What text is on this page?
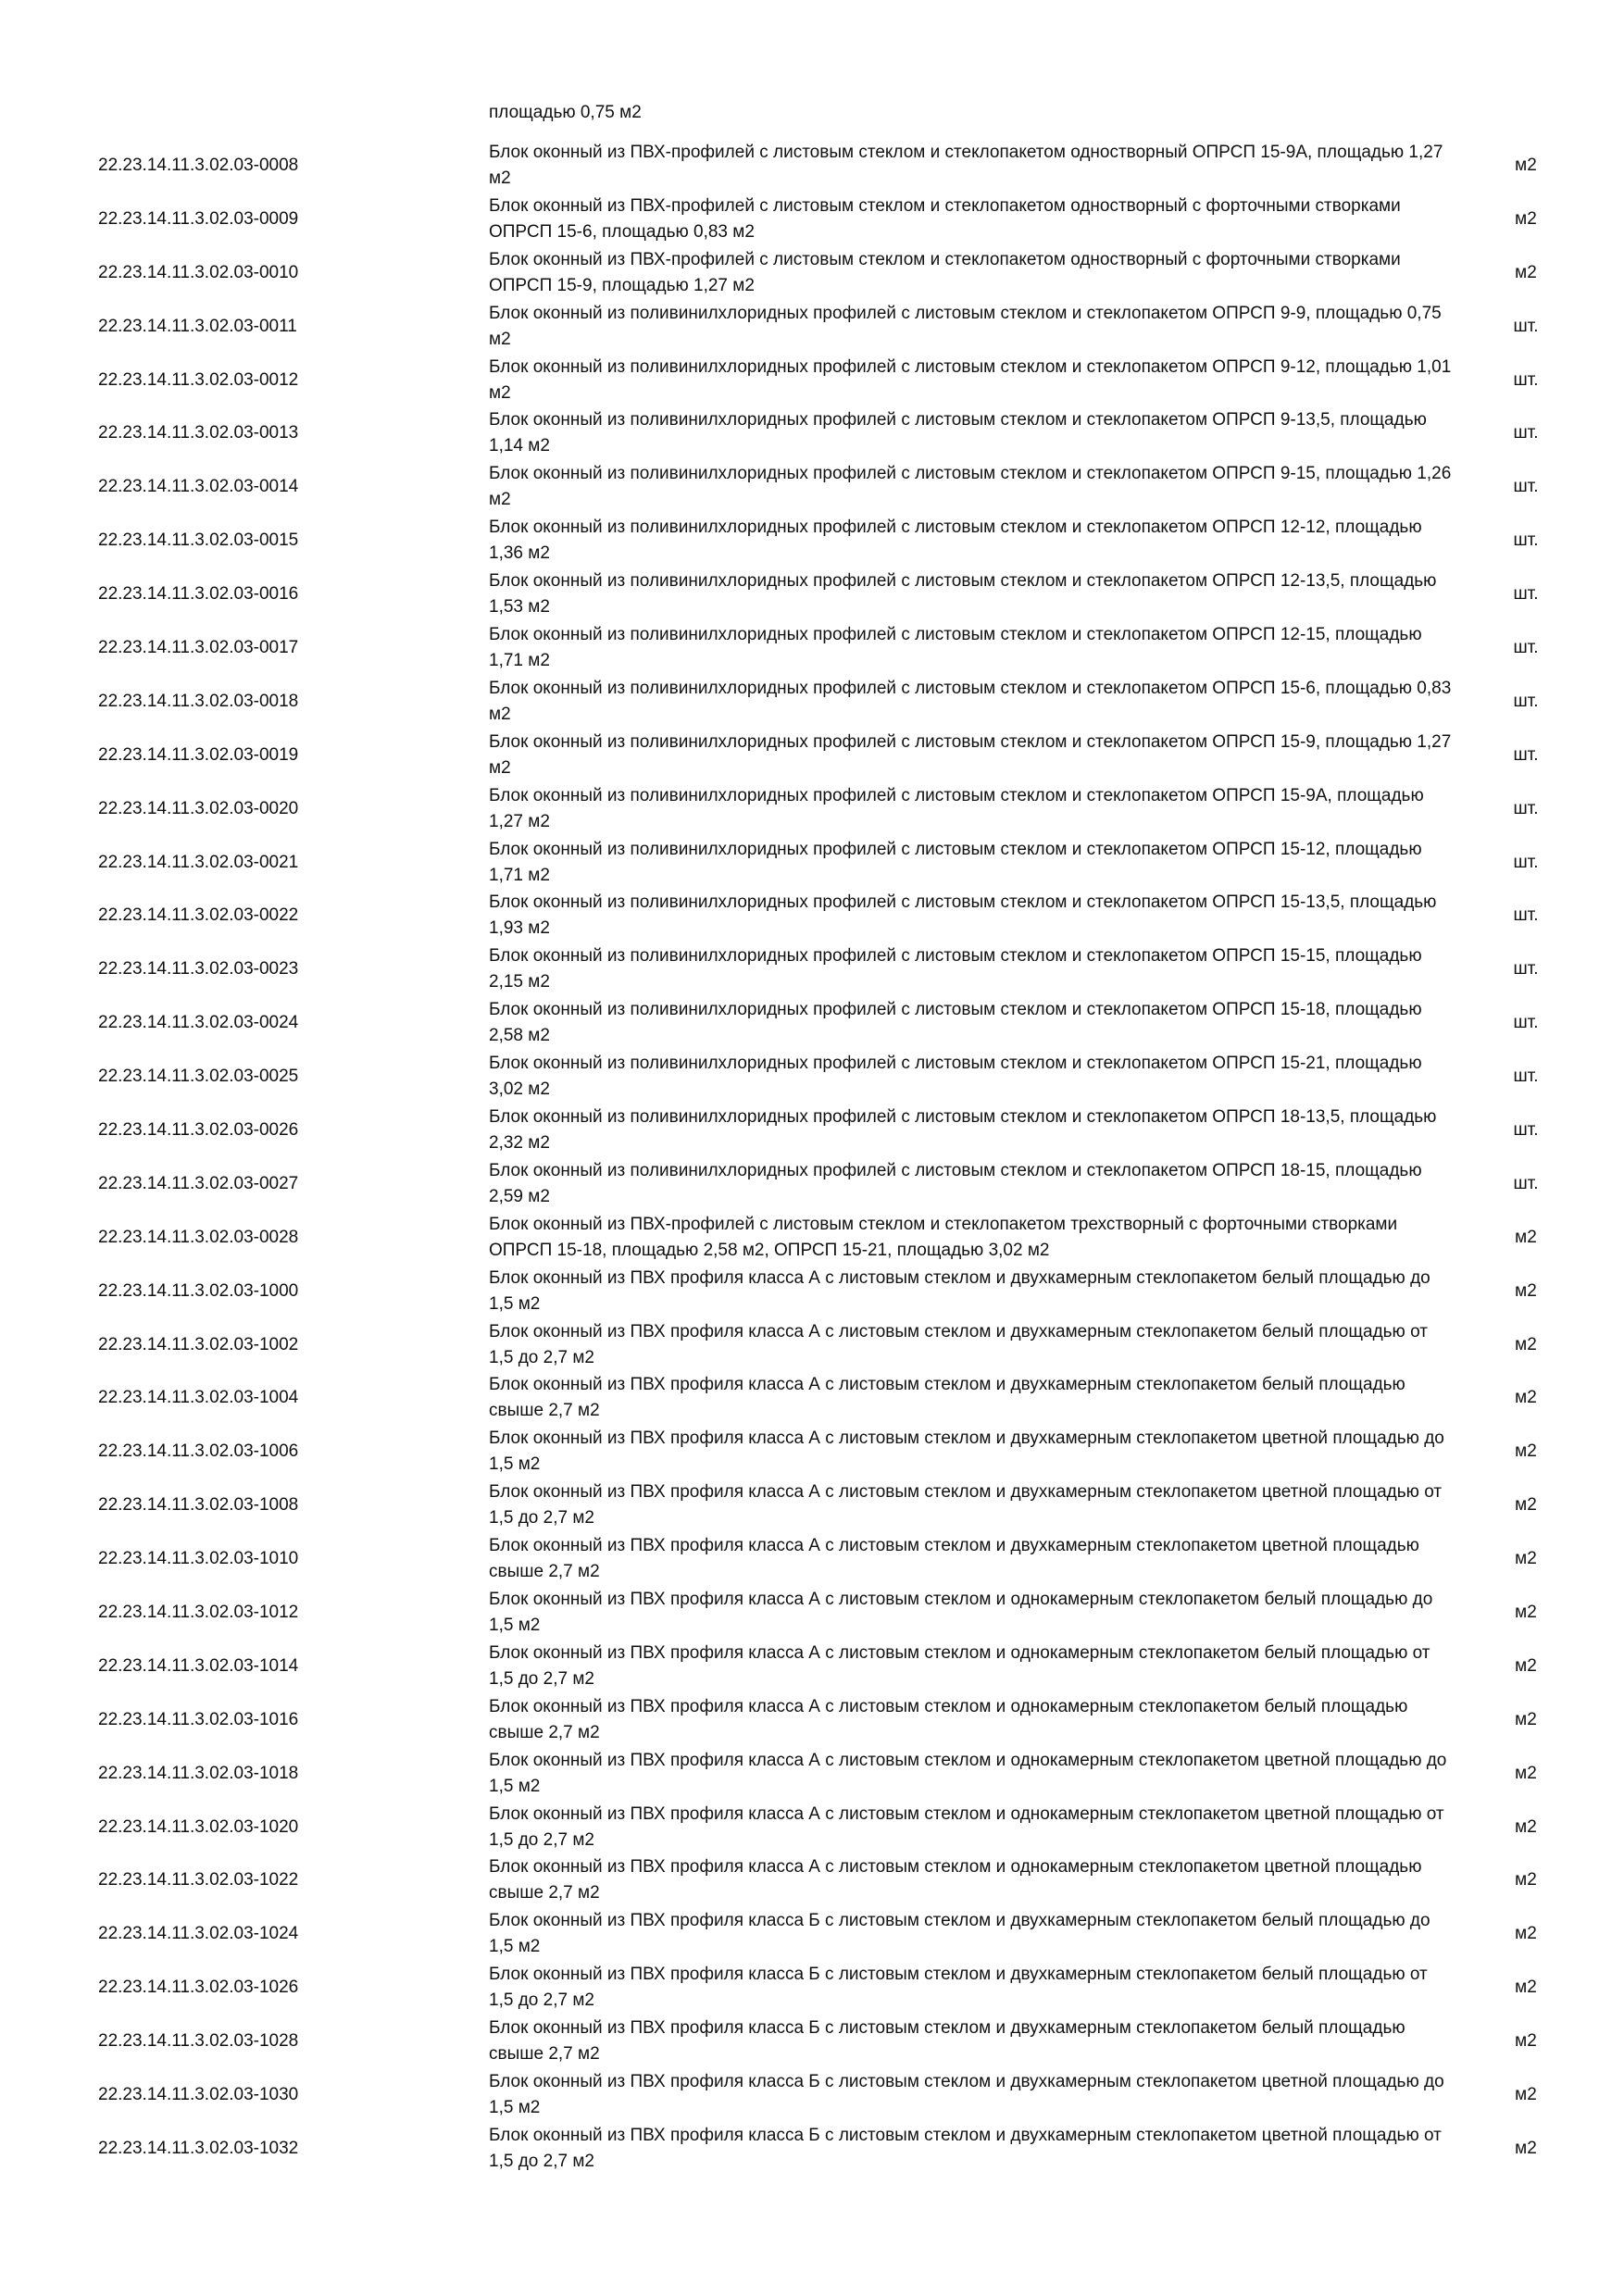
площадью 0,75 м2
22.23.14.11.3.02.03-0008
Блок оконный из ПВХ-профилей с листовым стеклом и стеклопакетом одностворный ОПРСП 15-9А, площадью 1,27 м2
м2
22.23.14.11.3.02.03-0009
Блок оконный из ПВХ-профилей с листовым стеклом и стеклопакетом одностворный с форточными створками ОПРСП 15-6, площадью 0,83 м2
м2
22.23.14.11.3.02.03-0010
Блок оконный из ПВХ-профилей с листовым стеклом и стеклопакетом одностворный с форточными створками ОПРСП 15-9, площадью 1,27 м2
м2
22.23.14.11.3.02.03-0011
Блок оконный из поливинилхлоридных профилей с листовым стеклом и стеклопакетом ОПРСП 9-9, площадью 0,75 м2
шт.
22.23.14.11.3.02.03-0012
Блок оконный из поливинилхлоридных профилей с листовым стеклом и стеклопакетом ОПРСП 9-12, площадью 1,01 м2
шт.
22.23.14.11.3.02.03-0013
Блок оконный из поливинилхлоридных профилей с листовым стеклом и стеклопакетом ОПРСП 9-13,5, площадью 1,14 м2
шт.
22.23.14.11.3.02.03-0014
Блок оконный из поливинилхлоридных профилей с листовым стеклом и стеклопакетом ОПРСП 9-15, площадью 1,26 м2
шт.
22.23.14.11.3.02.03-0015
Блок оконный из поливинилхлоридных профилей с листовым стеклом и стеклопакетом ОПРСП 12-12, площадью 1,36 м2
шт.
22.23.14.11.3.02.03-0016
Блок оконный из поливинилхлоридных профилей с листовым стеклом и стеклопакетом ОПРСП 12-13,5, площадью 1,53 м2
шт.
22.23.14.11.3.02.03-0017
Блок оконный из поливинилхлоридных профилей с листовым стеклом и стеклопакетом ОПРСП 12-15, площадью 1,71 м2
шт.
22.23.14.11.3.02.03-0018
Блок оконный из поливинилхлоридных профилей с листовым стеклом и стеклопакетом ОПРСП 15-6, площадью 0,83 м2
шт.
22.23.14.11.3.02.03-0019
Блок оконный из поливинилхлоридных профилей с листовым стеклом и стеклопакетом ОПРСП 15-9, площадью 1,27 м2
шт.
22.23.14.11.3.02.03-0020
Блок оконный из поливинилхлоридных профилей с листовым стеклом и стеклопакетом ОПРСП 15-9А, площадью 1,27 м2
шт.
22.23.14.11.3.02.03-0021
Блок оконный из поливинилхлоридных профилей с листовым стеклом и стеклопакетом ОПРСП 15-12, площадью 1,71 м2
шт.
22.23.14.11.3.02.03-0022
Блок оконный из поливинилхлоридных профилей с листовым стеклом и стеклопакетом ОПРСП 15-13,5, площадью 1,93 м2
шт.
22.23.14.11.3.02.03-0023
Блок оконный из поливинилхлоридных профилей с листовым стеклом и стеклопакетом ОПРСП 15-15, площадью 2,15 м2
шт.
22.23.14.11.3.02.03-0024
Блок оконный из поливинилхлоридных профилей с листовым стеклом и стеклопакетом ОПРСП 15-18, площадью 2,58 м2
шт.
22.23.14.11.3.02.03-0025
Блок оконный из поливинилхлоридных профилей с листовым стеклом и стеклопакетом ОПРСП 15-21, площадью 3,02 м2
шт.
22.23.14.11.3.02.03-0026
Блок оконный из поливинилхлоридных профилей с листовым стеклом и стеклопакетом ОПРСП 18-13,5, площадью 2,32 м2
шт.
22.23.14.11.3.02.03-0027
Блок оконный из поливинилхлоридных профилей с листовым стеклом и стеклопакетом ОПРСП 18-15, площадью 2,59 м2
шт.
22.23.14.11.3.02.03-0028
Блок оконный из ПВХ-профилей с листовым стеклом и стеклопакетом трехстворный с форточными створками ОПРСП 15-18, площадью 2,58 м2, ОПРСП 15-21, площадью 3,02 м2
м2
22.23.14.11.3.02.03-1000
Блок оконный из ПВХ профиля класса А с листовым стеклом и двухкамерным стеклопакетом белый площадью до 1,5 м2
м2
22.23.14.11.3.02.03-1002
Блок оконный из ПВХ профиля класса А с листовым стеклом и двухкамерным стеклопакетом белый площадью от 1,5 до 2,7 м2
м2
22.23.14.11.3.02.03-1004
Блок оконный из ПВХ профиля класса А с листовым стеклом и двухкамерным стеклопакетом белый площадью свыше 2,7 м2
м2
22.23.14.11.3.02.03-1006
Блок оконный из ПВХ профиля класса А с листовым стеклом и двухкамерным стеклопакетом цветной площадью до 1,5 м2
м2
22.23.14.11.3.02.03-1008
Блок оконный из ПВХ профиля класса А с листовым стеклом и двухкамерным стеклопакетом цветной площадью от 1,5 до 2,7 м2
м2
22.23.14.11.3.02.03-1010
Блок оконный из ПВХ профиля класса А с листовым стеклом и двухкамерным стеклопакетом цветной площадью свыше 2,7 м2
м2
22.23.14.11.3.02.03-1012
Блок оконный из ПВХ профиля класса А с листовым стеклом и однокамерным стеклопакетом белый площадью до 1,5 м2
м2
22.23.14.11.3.02.03-1014
Блок оконный из ПВХ профиля класса А с листовым стеклом и однокамерным стеклопакетом белый площадью от 1,5 до 2,7 м2
м2
22.23.14.11.3.02.03-1016
Блок оконный из ПВХ профиля класса А с листовым стеклом и однокамерным стеклопакетом белый площадью свыше 2,7 м2
м2
22.23.14.11.3.02.03-1018
Блок оконный из ПВХ профиля класса А с листовым стеклом и однокамерным стеклопакетом цветной площадью до 1,5 м2
м2
22.23.14.11.3.02.03-1020
Блок оконный из ПВХ профиля класса А с листовым стеклом и однокамерным стеклопакетом цветной площадью от 1,5 до 2,7 м2
м2
22.23.14.11.3.02.03-1022
Блок оконный из ПВХ профиля класса А с листовым стеклом и однокамерным стеклопакетом цветной площадью свыше 2,7 м2
м2
22.23.14.11.3.02.03-1024
Блок оконный из ПВХ профиля класса Б с листовым стеклом и двухкамерным стеклопакетом белый площадью до 1,5 м2
м2
22.23.14.11.3.02.03-1026
Блок оконный из ПВХ профиля класса Б с листовым стеклом и двухкамерным стеклопакетом белый площадью от 1,5 до 2,7 м2
м2
22.23.14.11.3.02.03-1028
Блок оконный из ПВХ профиля класса Б с листовым стеклом и двухкамерным стеклопакетом белый площадью свыше 2,7 м2
м2
22.23.14.11.3.02.03-1030
Блок оконный из ПВХ профиля класса Б с листовым стеклом и двухкамерным стеклопакетом цветной площадью до 1,5 м2
м2
22.23.14.11.3.02.03-1032
Блок оконный из ПВХ профиля класса Б с листовым стеклом и двухкамерным стеклопакетом цветной площадью от 1,5 до 2,7 м2
м2
